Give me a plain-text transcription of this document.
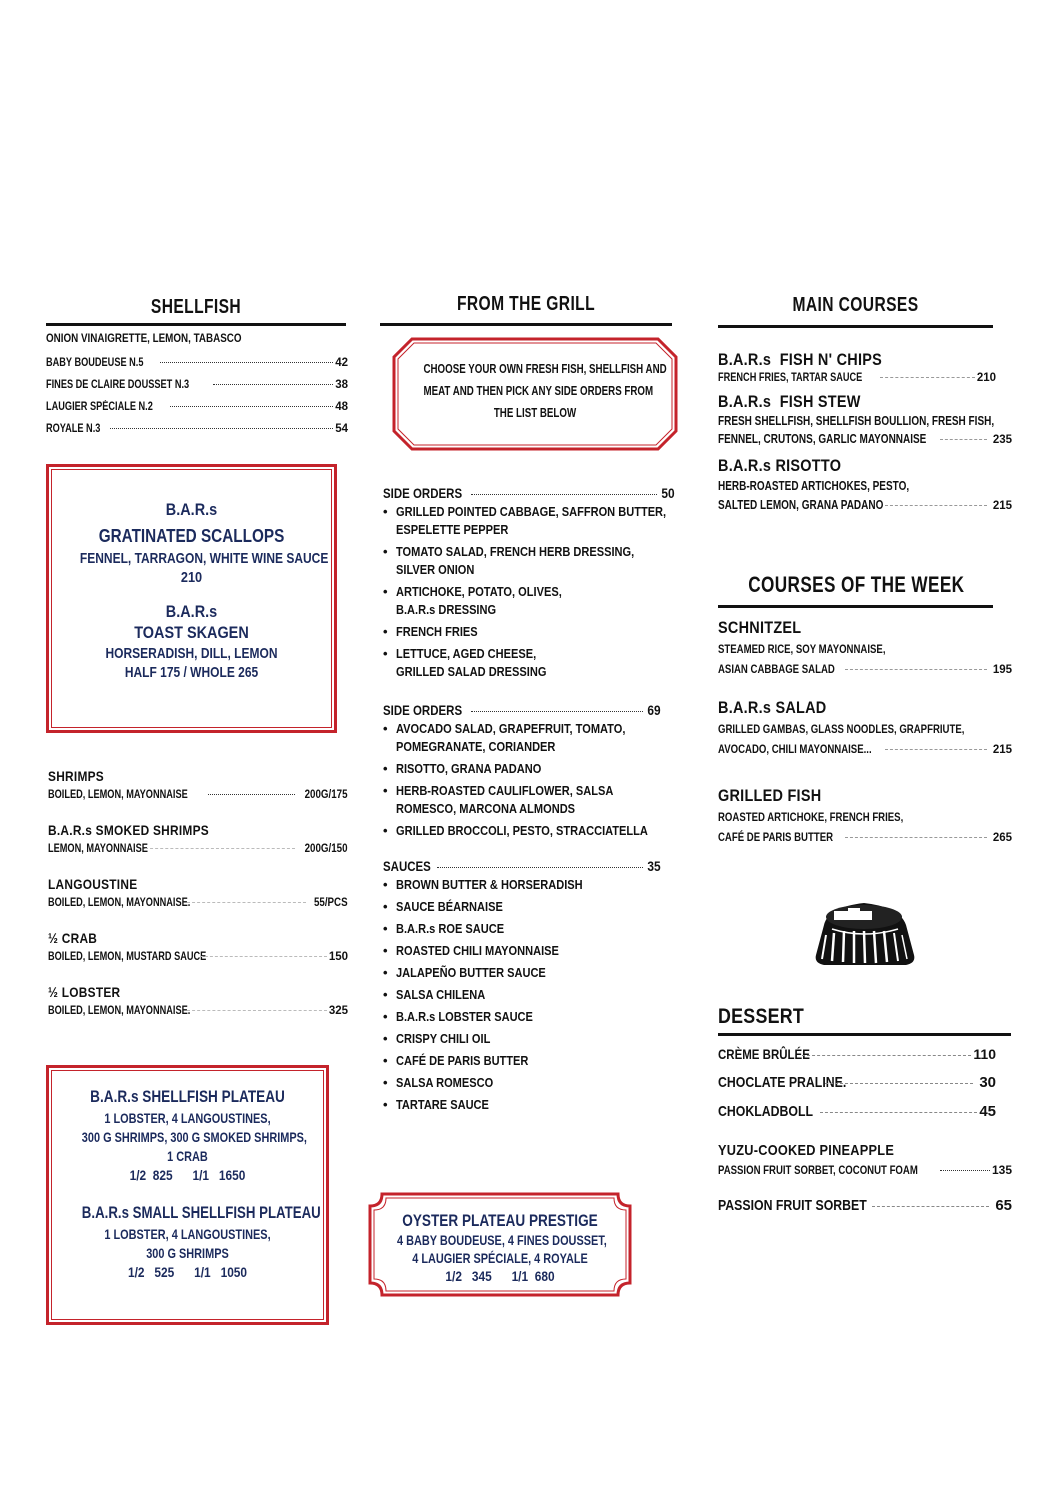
SHELLFISH
ONION VINAIGRETTE, LEMON, TABASCO
BABY BOUDEUSE N.5	42
FINES DE CLAIRE DOUSSET N.3	38
LAUGIER SPÉCIALE N.2	48
ROYALE N.3	54
B.A.R.s
GRATINATED SCALLOPS
FENNEL, TARRAGON, WHITE WINE SAUCE
210
B.A.R.s
TOAST SKAGEN
HORSERADISH, DILL, LEMON
HALF 175 / WHOLE 265
SHRIMPS
BOILED, LEMON, MAYONNAISE	200G/175
B.A.R.s SMOKED SHRIMPS
LEMON, MAYONNAISE	200G/150
LANGOUSTINE
BOILED, LEMON, MAYONNAISE.	55/PCS
½ CRAB
BOILED, LEMON, MUSTARD SAUCE	150
½ LOBSTER
BOILED, LEMON, MAYONNAISE.	325
B.A.R.s SHELLFISH PLATEAU
1 LOBSTER, 4 LANGOUSTINES,
300 G SHRIMPS, 300 G SMOKED SHRIMPS,
1 CRAB
1/2  825 1/1   1650
B.A.R.s SMALL SHELLFISH PLATEAU
1 LOBSTER, 4 LANGOUSTINES,
300 G SHRIMPS
1/2   525 1/1   1050
FROM THE GRILL
CHOOSE YOUR OWN FRESH FISH, SHELLFISH AND
MEAT AND THEN PICK ANY SIDE ORDERS FROM
THE LIST BELOW
SIDE ORDERS	50
• GRILLED POINTED CABBAGE, SAFFRON BUTTER,
ESPELETTE PEPPER
• TOMATO SALAD, FRENCH HERB DRESSING,
SILVER ONION
• ARTICHOKE, POTATO, OLIVES,
B.A.R.s DRESSING
• FRENCH FRIES
• LETTUCE, AGED CHEESE,
GRILLED SALAD DRESSING
SIDE ORDERS	69
• AVOCADO SALAD, GRAPEFRUIT, TOMATO,
POMEGRANATE, CORIANDER
• RISOTTO, GRANA PADANO
• HERB-ROASTED CAULIFLOWER, SALSA
ROMESCO, MARCONA ALMONDS
• GRILLED BROCCOLI, PESTO, STRACCIATELLA
SAUCES	35
• BROWN BUTTER & HORSERADISH
• SAUCE BÉARNAISE
• B.A.R.s ROE SAUCE
• ROASTED CHILI MAYONNAISE
• JALAPEÑO BUTTER SAUCE
• SALSA CHILENA
• B.A.R.s LOBSTER SAUCE
• CRISPY CHILI OIL
• CAFÉ DE PARIS BUTTER
• SALSA ROMESCO
• TARTARE SAUCE
OYSTER PLATEAU PRESTIGE
4 BABY BOUDEUSE, 4 FINES DOUSSET,
4 LAUGIER SPÉCIALE, 4 ROYALE
1/2   345 1/1  680
MAIN COURSES
B.A.R.s  FISH N' CHIPS
FRENCH FRIES, TARTAR SAUCE	210
B.A.R.s  FISH STEW
FRESH SHELLFISH, SHELLFISH BOULLION, FRESH FISH,
FENNEL, CRUTONS, GARLIC MAYONNAISE	235
B.A.R.s RISOTTO
HERB-ROASTED ARTICHOKES, PESTO,
SALTED LEMON, GRANA PADANO	215
COURSES OF THE WEEK
SCHNITZEL
STEAMED RICE, SOY MAYONNAISE,
ASIAN CABBAGE SALAD	195
B.A.R.s SALAD
GRILLED GAMBAS, GLASS NOODLES, GRAPFRIUTE,
AVOCADO, CHILI MAYONNAISE...	215
GRILLED FISH
ROASTED ARTICHOKE, FRENCH FRIES,
CAFÉ DE PARIS BUTTER	265
DESSERT
CRÈME BRÛLÉE	110
CHOCLATE PRALINE.	30
CHOKLADBOLL	45
YUZU-COOKED PINEAPPLE
PASSION FRUIT SORBET, COCONUT FOAM	135
PASSION FRUIT SORBET	65
